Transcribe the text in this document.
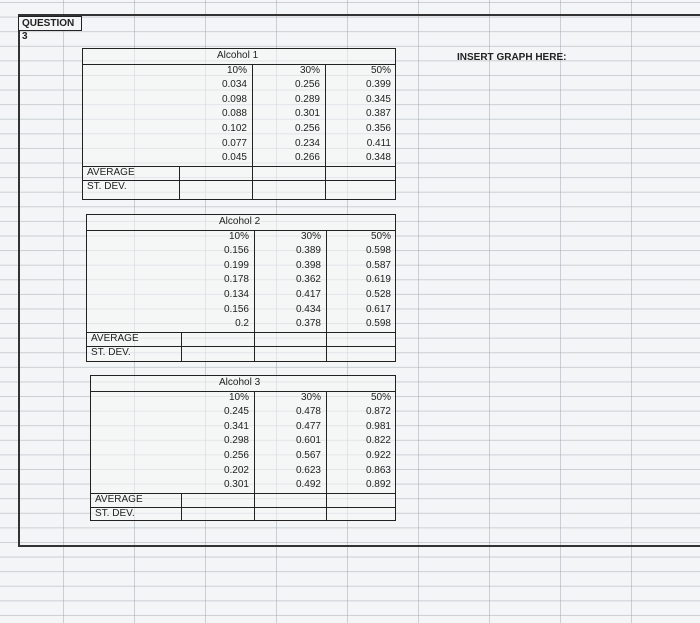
QUESTION 3
INSERT GRAPH HERE:
Alcohol 1
10%	30%	50%
0.034	0.256	0.399
0.098	0.289	0.345
0.088	0.301	0.387
0.102	0.256	0.356
0.077	0.234	0.411
0.045	0.266	0.348
AVERAGE
ST. DEV.
Alcohol 2
10%	30%	50%
0.156	0.389	0.598
0.199	0.398	0.587
0.178	0.362	0.619
0.134	0.417	0.528
0.156	0.434	0.617
0.2	0.378	0.598
AVERAGE
ST. DEV.
Alcohol 3
10%	30%	50%
0.245	0.478	0.872
0.341	0.477	0.981
0.298	0.601	0.822
0.256	0.567	0.922
0.202	0.623	0.863
0.301	0.492	0.892
AVERAGE
ST. DEV.
